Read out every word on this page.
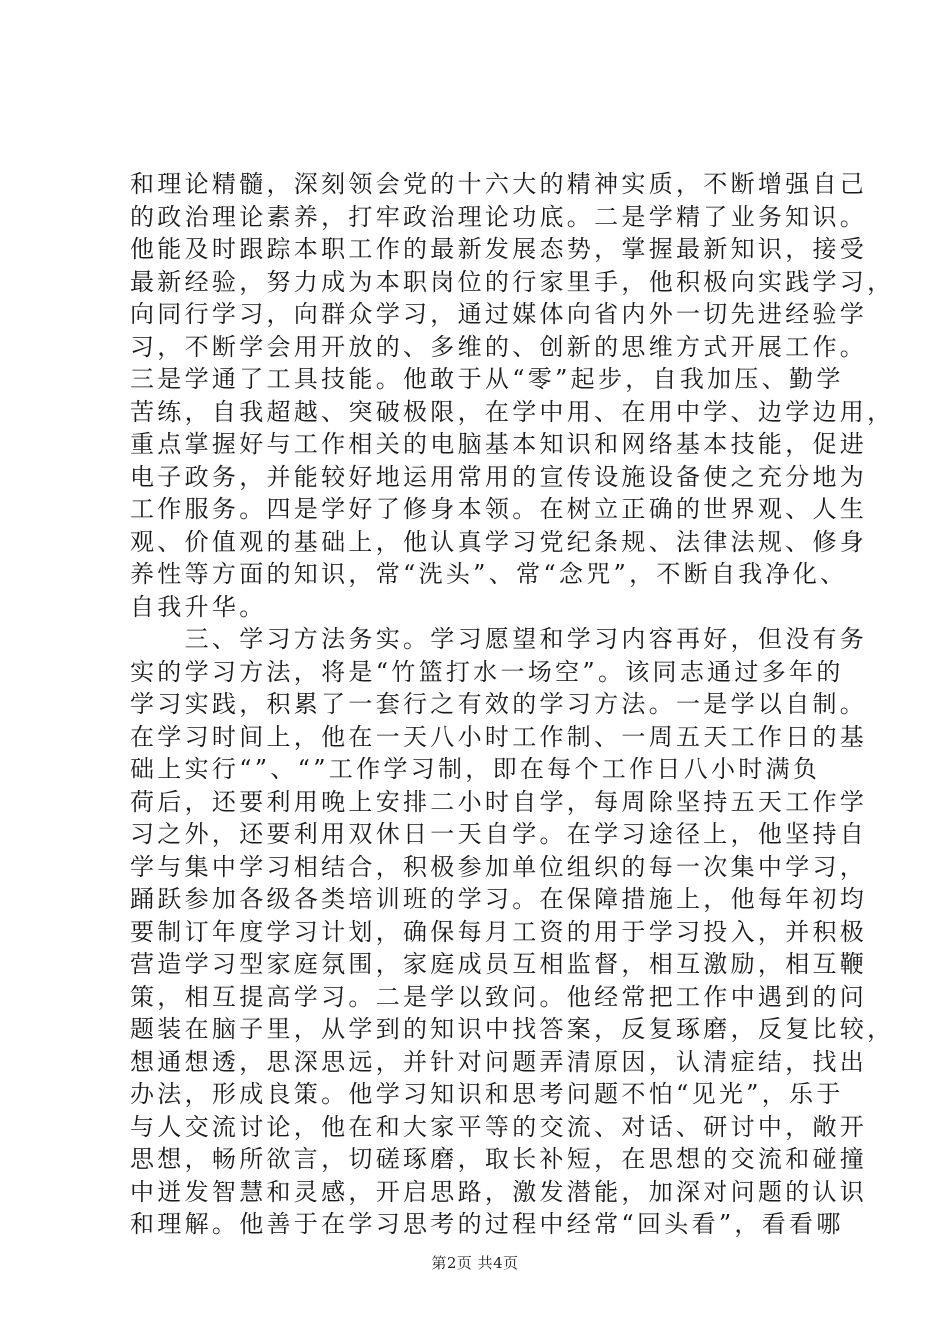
和理论精髓，深刻领会党的十六大的精神实质，不断增强自己
的政治理论素养，打牢政治理论功底。二是学精了业务知识。
他能及时跟踪本职工作的最新发展态势，掌握最新知识，接受
最新经验，努力成为本职岗位的行家里手，他积极向实践学习，
向同行学习，向群众学习，通过媒体向省内外一切先进经验学
习，不断学会用开放的、多维的、创新的思维方式开展工作。
三是学通了工具技能。他敢于从“零”起步，自我加压、勤学
苦练，自我超越、突破极限，在学中用、在用中学、边学边用，
重点掌握好与工作相关的电脑基本知识和网络基本技能，促进
电子政务，并能较好地运用常用的宣传设施设备使之充分地为
工作服务。四是学好了修身本领。在树立正确的世界观、人生
观、价值观的基础上，他认真学习党纪条规、法律法规、修身
养性等方面的知识，常“洗头”、常“念咒”，不断自我净化、
自我升华。
　　三、学习方法务实。学习愿望和学习内容再好，但没有务
实的学习方法，将是“竹篮打水一场空”。该同志通过多年的
学习实践，积累了一套行之有效的学习方法。一是学以自制。
在学习时间上，他在一天八小时工作制、一周五天工作日的基
础上实行“”、“”工作学习制，即在每个工作日八小时满负
荷后，还要利用晚上安排二小时自学，每周除坚持五天工作学
习之外，还要利用双休日一天自学。在学习途径上，他坚持自
学与集中学习相结合，积极参加单位组织的每一次集中学习，
踊跃参加各级各类培训班的学习。在保障措施上，他每年初均
要制订年度学习计划，确保每月工资的用于学习投入，并积极
营造学习型家庭氛围，家庭成员互相监督，相互激励，相互鞭
策，相互提高学习。二是学以致问。他经常把工作中遇到的问
题装在脑子里，从学到的知识中找答案，反复琢磨，反复比较，
想通想透，思深思远，并针对问题弄清原因，认清症结，找出
办法，形成良策。他学习知识和思考问题不怕“见光”，乐于
与人交流讨论，他在和大家平等的交流、对话、研讨中，敞开
思想，畅所欲言，切磋琢磨，取长补短，在思想的交流和碰撞
中迸发智慧和灵感，开启思路，激发潜能，加深对问题的认识
和理解。他善于在学习思考的过程中经常“回头看”，看看哪
第2页 共4页
